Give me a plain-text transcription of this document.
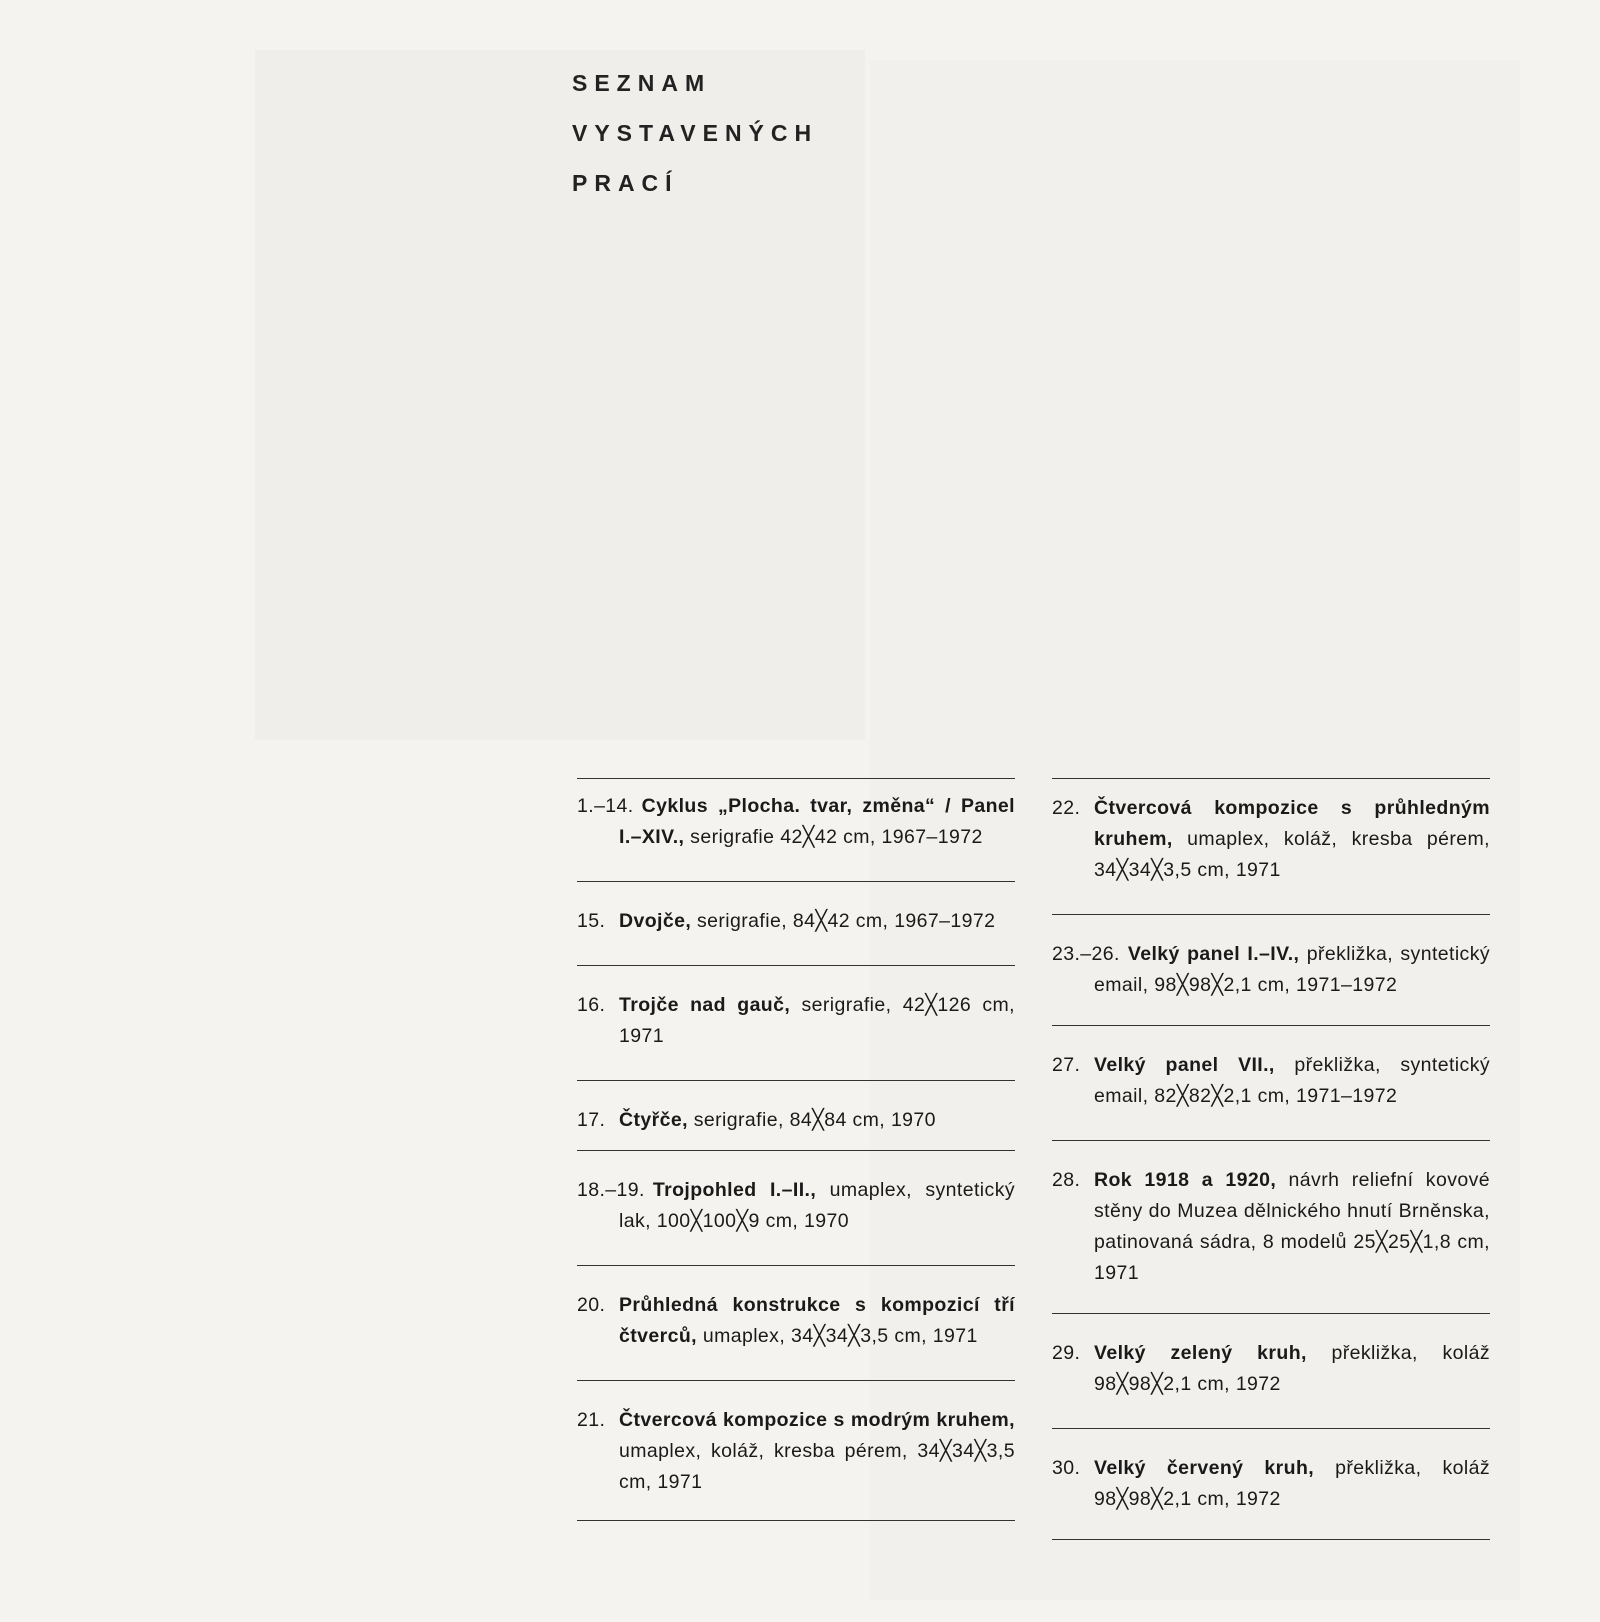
SEZNAM
VYSTAVENÝCH
PRACÍ
1.–14. Cyklus „Plocha. tvar, změna“ / Panel I.–XIV., serigrafie 42╳42 cm, 1967–1972
15. Dvojče, serigrafie, 84╳42 cm, 1967–1972
16. Trojče nad gauč, serigrafie, 42╳126 cm, 1971
17. Čtyřče, serigrafie, 84╳84 cm, 1970
18.–19. Trojpohled I.–II., umaplex, syntetický lak, 100╳100╳9 cm, 1970
20. Průhledná konstrukce s kompozicí tří čtverců, umaplex, 34╳34╳3,5 cm, 1971
21. Čtvercová kompozice s modrým kruhem, umaplex, koláž, kresba pérem, 34╳34╳3,5 cm, 1971
22. Čtvercová kompozice s průhledným kruhem, umaplex, koláž, kresba pérem, 34╳34╳3,5 cm, 1971
23.–26. Velký panel I.–IV., překližka, syntetický email, 98╳98╳2,1 cm, 1971–1972
27. Velký panel VII., překližka, syntetický email, 82╳82╳2,1 cm, 1971–1972
28. Rok 1918 a 1920, návrh reliefní kovové stěny do Muzea dělnického hnutí Brněnska, patinovaná sádra, 8 modelů 25╳25╳1,8 cm, 1971
29. Velký zelený kruh, překližka, koláž 98╳98╳2,1 cm, 1972
30. Velký červený kruh, překližka, koláž 98╳98╳2,1 cm, 1972
